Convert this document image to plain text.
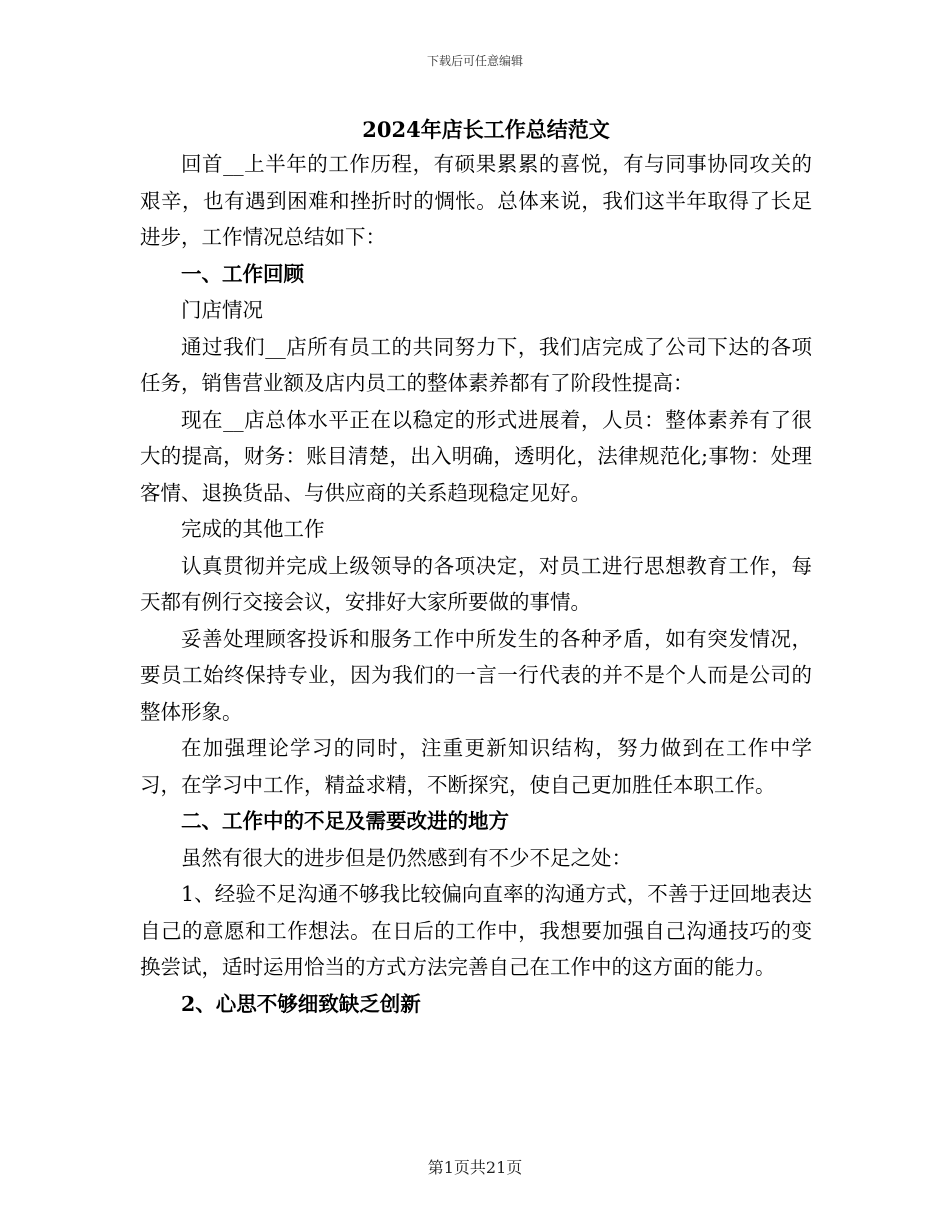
下载后可任意编辑
2024年店长工作总结范文

回首__上半年的工作历程，有硕果累累的喜悦，有与同事协同攻关的艰辛，也有遇到困难和挫折时的惆怅。总体来说，我们这半年取得了长足进步，工作情况总结如下：

一、工作回顾

门店情况

通过我们__店所有员工的共同努力下，我们店完成了公司下达的各项任务，销售营业额及店内员工的整体素养都有了阶段性提高：

现在__店总体水平正在以稳定的形式进展着，人员：整体素养有了很大的提高，财务：账目清楚，出入明确，透明化，法律规范化;事物：处理客情、退换货品、与供应商的关系趋现稳定见好。

完成的其他工作

认真贯彻并完成上级领导的各项决定，对员工进行思想教育工作，每天都有例行交接会议，安排好大家所要做的事情。

妥善处理顾客投诉和服务工作中所发生的各种矛盾，如有突发情况，要员工始终保持专业，因为我们的一言一行代表的并不是个人而是公司的整体形象。

在加强理论学习的同时，注重更新知识结构，努力做到在工作中学习，在学习中工作，精益求精，不断探究，使自己更加胜任本职工作。

二、工作中的不足及需要改进的地方

虽然有很大的进步但是仍然感到有不少不足之处：

1、经验不足沟通不够我比较偏向直率的沟通方式，不善于迂回地表达自己的意愿和工作想法。在日后的工作中，我想要加强自己沟通技巧的变换尝试，适时运用恰当的方式方法完善自己在工作中的这方面的能力。

2、心思不够细致缺乏创新

第1页共21页
